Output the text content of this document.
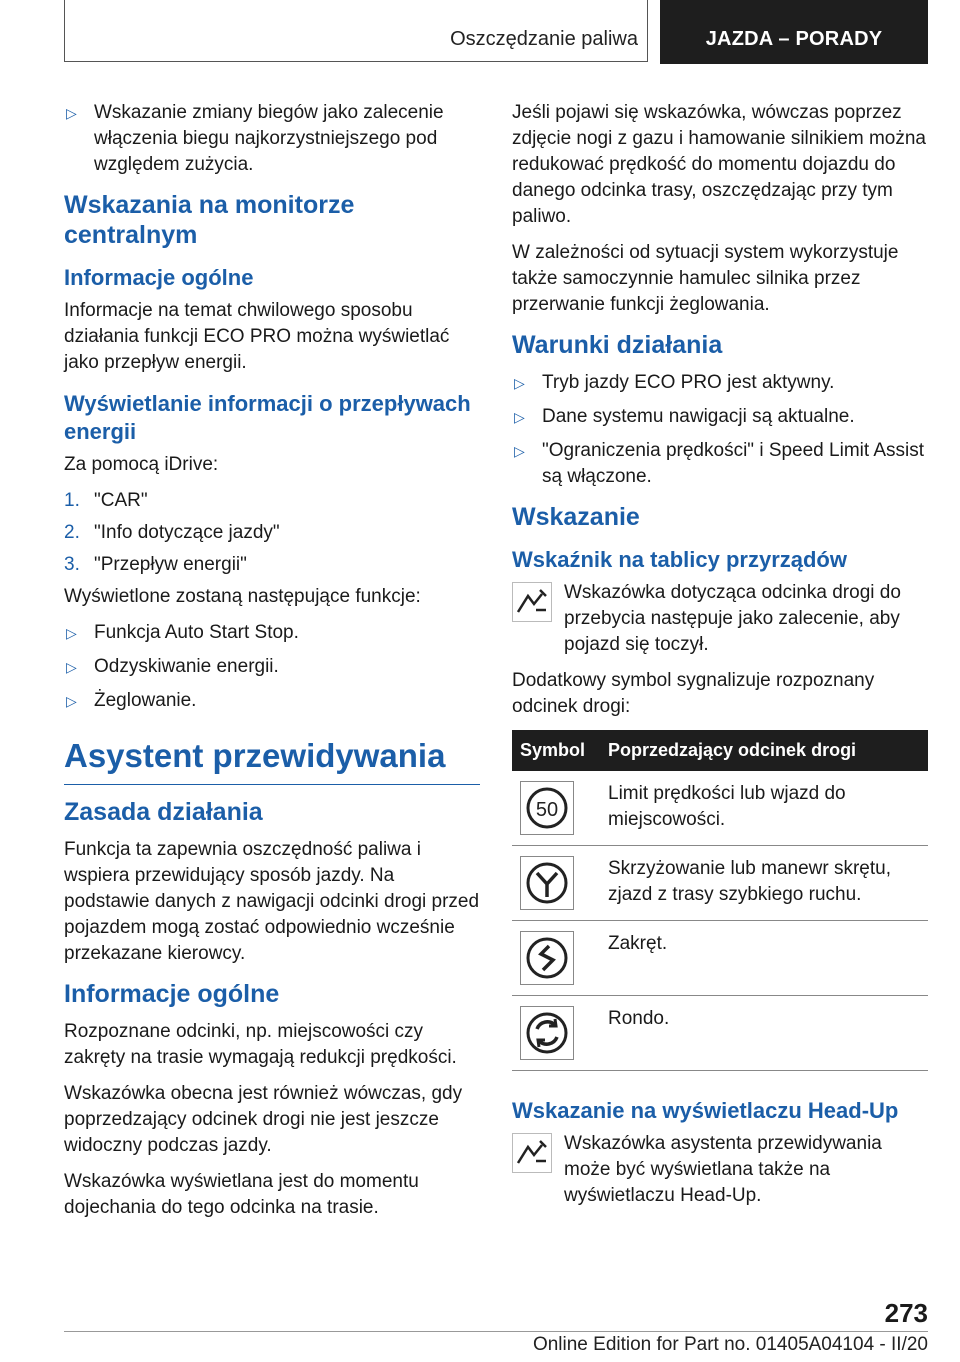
Oszczędzanie paliwa	JAZDA – PORADY
▷ Wskazanie zmiany biegów jako zalecenie włączenia biegu najkorzystniejszego pod względem zużycia.
Wskazania na monitorze centralnym
Informacje ogólne

Informacje na temat chwilowego sposobu działania funkcji ECO PRO można wyświetlać jako przepływ energii.

Wyświetlanie informacji o przepływach energii

Za pomocą iDrive:

1. "CAR"
2. "Info dotyczące jazdy"
3. "Przepływ energii"

Wyświetlone zostaną następujące funkcje:

▷ Funkcja Auto Start Stop.
▷ Odzyskiwanie energii.
▷ Żeglowanie.
Asystent przewidywania
Zasada działania

Funkcja ta zapewnia oszczędność paliwa i wspiera przewidujący sposób jazdy. Na podstawie danych z nawigacji odcinki drogi przed pojazdem mogą zostać odpowiednio wcześnie przekazane kierowcy.

Informacje ogólne

Rozpoznane odcinki, np. miejscowości czy zakręty na trasie wymagają redukcji prędkości.

Wskazówka obecna jest również wówczas, gdy poprzedzający odcinek drogi nie jest jeszcze widoczny podczas jazdy.

Wskazówka wyświetlana jest do momentu dojechania do tego odcinka na trasie.

Jeśli pojawi się wskazówka, wówczas poprzez zdjęcie nogi z gazu i hamowanie silnikiem można redukować prędkość do momentu dojazdu do danego odcinka trasy, oszczędzając przy tym paliwo.

W zależności od sytuacji system wykorzystuje także samoczynnie hamulec silnika przez przerwanie funkcji żeglowania.

Warunki działania
▷ Tryb jazdy ECO PRO jest aktywny.
▷ Dane systemu nawigacji są aktualne.
▷ "Ograniczenia prędkości" i Speed Limit Assist są włączone.
Wskazanie
Wskaźnik na tablicy przyrządów
Wskazówka dotycząca odcinka drogi do przebycia następuje jako zalecenie, aby pojazd się toczył.

Dodatkowy symbol sygnalizuje rozpoznany odcinek drogi:

Symbol	Poprzedzający odcinek drogi

50	Limit prędkości lub wjazd do miejscowości.

	Skrzyżowanie lub manewr skrętu, zjazd z trasy szybkiego ruchu.

	Zakręt.

	Rondo.
Wskazanie na wyświetlaczu Head-Up
Wskazówka asystenta przewidywania może być wyświetlana także na wyświetlaczu Head-Up.
273
Online Edition for Part no. 01405A04104 - II/20
